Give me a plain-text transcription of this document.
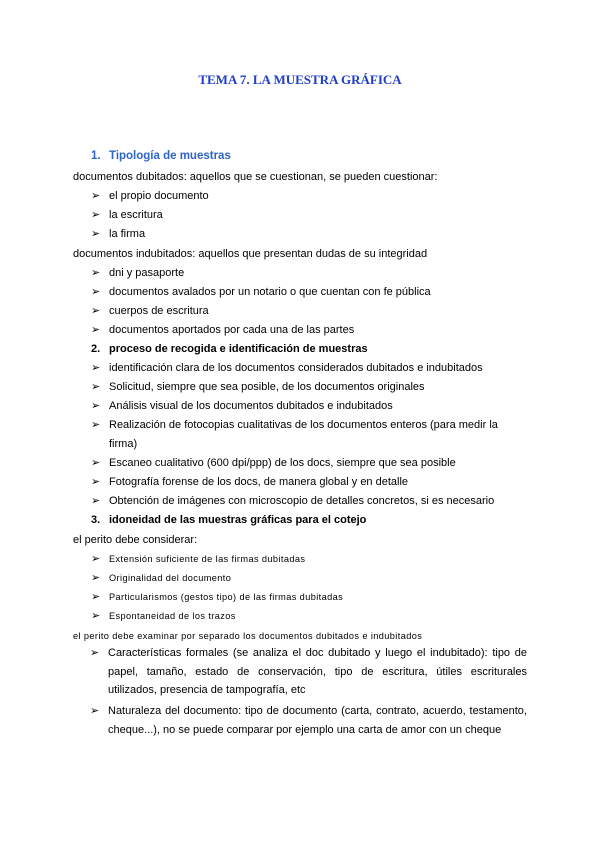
TEMA 7. LA MUESTRA GRÁFICA
1. Tipología de muestras
documentos dubitados: aquellos que se cuestionan, se pueden cuestionar:
➢ el propio documento
➢ la escritura
➢ la firma
documentos indubitados: aquellos que presentan dudas de su integridad
➢ dni y pasaporte
➢ documentos avalados por un notario o que cuentan con fe pública
➢ cuerpos de escritura
➢ documentos aportados por cada una de las partes
2. proceso de recogida e identificación de muestras
➢ identificación clara de los documentos considerados dubitados e indubitados
➢ Solicitud, siempre que sea posible, de los documentos originales
➢ Análisis visual de los documentos dubitados e indubitados
➢ Realización de fotocopias cualitativas de los documentos enteros (para medir la
firma)
➢ Escaneo cualitativo (600 dpi/ppp) de los docs, siempre que sea posible
➢ Fotografía forense de los docs, de manera global y en detalle
➢ Obtención de imágenes con microscopio de detalles concretos, si es necesario
3. idoneidad de las muestras gráficas para el cotejo
el perito debe considerar:
➢ Extensión suficiente de las firmas dubitadas
➢ Originalidad del documento
➢ Particularismos (gestos tipo) de las firmas dubitadas
➢ Espontaneidad de los trazos
el perito debe examinar por separado los documentos dubitados e indubitados
➢ Características formales (se analiza el doc dubitado y luego el indubitado): tipo de papel, tamaño, estado de conservación, tipo de escritura, útiles escriturales utilizados, presencia de tampografía, etc
➢ Naturaleza del documento: tipo de documento (carta, contrato, acuerdo, testamento, cheque...), no se puede comparar por ejemplo una carta de amor con un cheque
